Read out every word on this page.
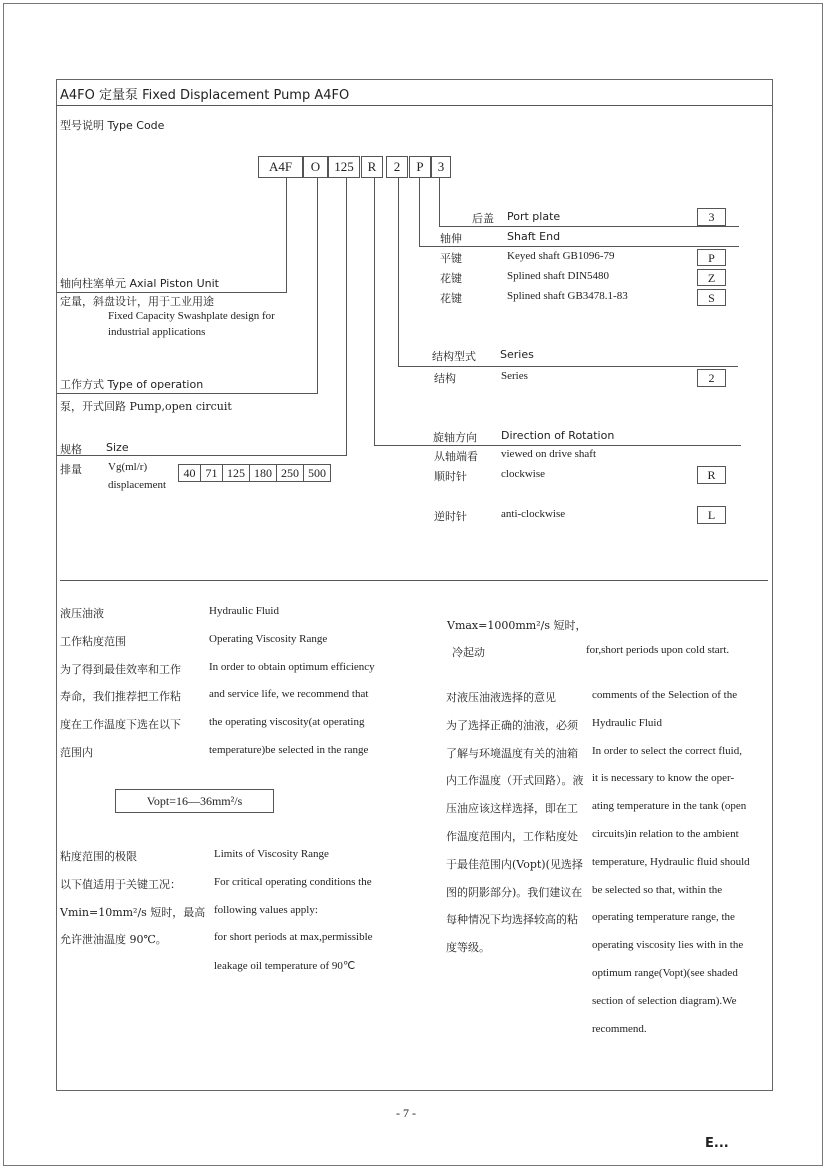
A4FO 定量泵 Fixed Displacement Pump A4FO
型号说明 Type Code
A4F	O	125	R	2	P	3
后盖 Port plate	3
轴伸	Shaft End
平键	Keyed shaft GB1096-79	P
花键	Splined shaft DIN5480	Z
花键	Splined shaft GB3478.1-83	S
轴向柱塞单元 Axial Piston Unit
定量，斜盘设计，用于工业用途
Fixed Capacity Swashplate design for
industrial applications
结构型式 Series
结构	Series	2
工作方式 Type of operation
泵，开式回路 Pump,open circuit
旋轴方向 Direction of Rotation
从轴端看 viewed on drive shaft
顺时针	clockwise	R
逆时针	anti-clockwise	L
规格 Size
排量 Vg(ml/r)
displacement
40 71 125 180 250 500
液压油液
工作粘度范围
为了得到最佳效率和工作
寿命，我们推荐把工作粘
度在工作温度下选在以下
范围内
Hydraulic Fluid
Operating Viscosity Range
In order to obtain optimum efficiency
and service life, we recommend that
the operating viscosity(at operating
temperature)be selected in the range
Vopt=16—36mm²/s
粘度范围的极限
以下值适用于关键工况：
Vmin=10mm²/s 短时，最高
允许泄油温度 90℃。
Limits of Viscosity Range
For critical operating conditions the
following values apply:
for short periods at max,permissible
leakage oil temperature of 90℃
Vmax=1000mm²/s 短时，
冷起动	for,short periods upon cold start.
对液压油液选择的意见
为了选择正确的油液，必须
了解与环境温度有关的油箱
内工作温度（开式回路）。液
压油应该这样选择，即在工
作温度范围内，工作粘度处
于最佳范围内(Vopt)(见选择
图的阴影部分)。我们建议在
每种情况下均选择较高的粘
度等级。
comments of the Selection of the
Hydraulic Fluid
In order to select the correct fluid,
it is necessary to know the oper-
ating temperature in the tank (open
circuits)in relation to the ambient
temperature, Hydraulic fluid should
be selected so that, within the
operating temperature range, the
operating viscosity lies with in the
optimum range(Vopt)(see shaded
section of selection diagram).We
recommend.
- 7 -
E...
